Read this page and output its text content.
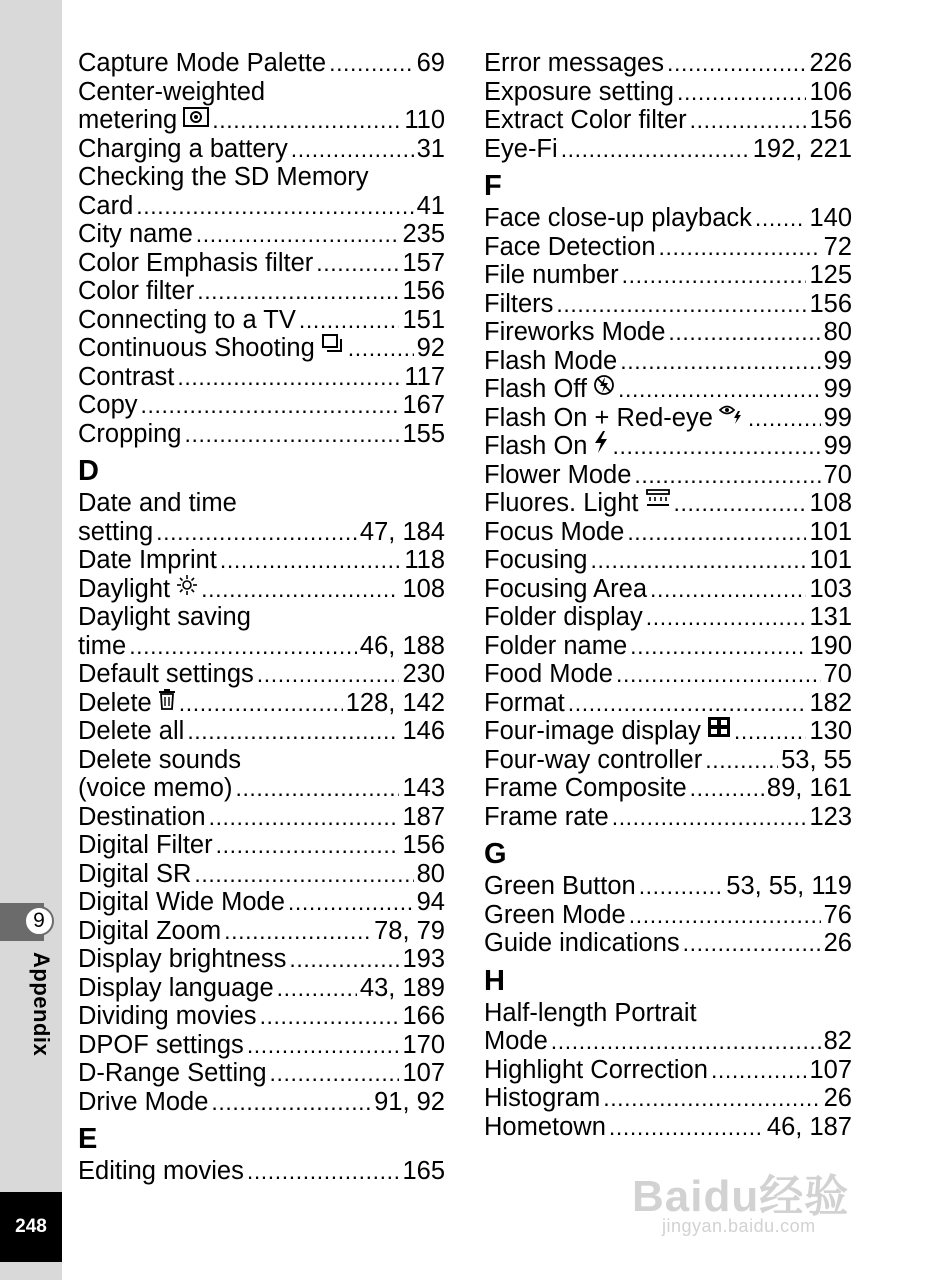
9
Appendix
248
Capture Mode Palette .....	69
Center-weighted
metering .....	110
Charging a battery .....	31
Checking the SD Memory
Card .....	41
City name .....	235
Color Emphasis filter .....	157
Color filter .....	156
Connecting to a TV .....	151
Continuous Shooting .....	92
Contrast .....	117
Copy .....	167
Cropping .....	155
D
Date and time
setting .....	47, 184
Date Imprint .....	118
Daylight .....	108
Daylight saving
time .....	46, 188
Default settings .....	230
Delete .....	128, 142
Delete all .....	146
Delete sounds
(voice memo) .....	143
Destination .....	187
Digital Filter .....	156
Digital SR .....	80
Digital Wide Mode .....	94
Digital Zoom .....	78, 79
Display brightness .....	193
Display language .....	43, 189
Dividing movies .....	166
DPOF settings .....	170
D-Range Setting .....	107
Drive Mode .....	91, 92
E
Editing movies .....	165
Error messages .....	226
Exposure setting .....	106
Extract Color filter .....	156
Eye-Fi .....	192, 221
F
Face close-up playback ..... 140
Face Detection .....	72
File number .....	125
Filters .....	156
Fireworks Mode .....	80
Flash Mode .....	99
Flash Off .....	99
Flash On + Red-eye .....	99
Flash On .....	99
Flower Mode .....	70
Fluores. Light .....	108
Focus Mode .....	101
Focusing .....	101
Focusing Area .....	103
Folder display .....	131
Folder name .....	190
Food Mode .....	70
Format .....	182
Four-image display .....	130
Four-way controller .....	53, 55
Frame Composite .....	89, 161
Frame rate .....	123
G
Green Button .....	53, 55, 119
Green Mode .....	76
Guide indications .....	26
H
Half-length Portrait
Mode .....	82
Highlight Correction .....	107
Histogram .....	26
Hometown .....	46, 187
Baidu经验
jingyan.baidu.com
